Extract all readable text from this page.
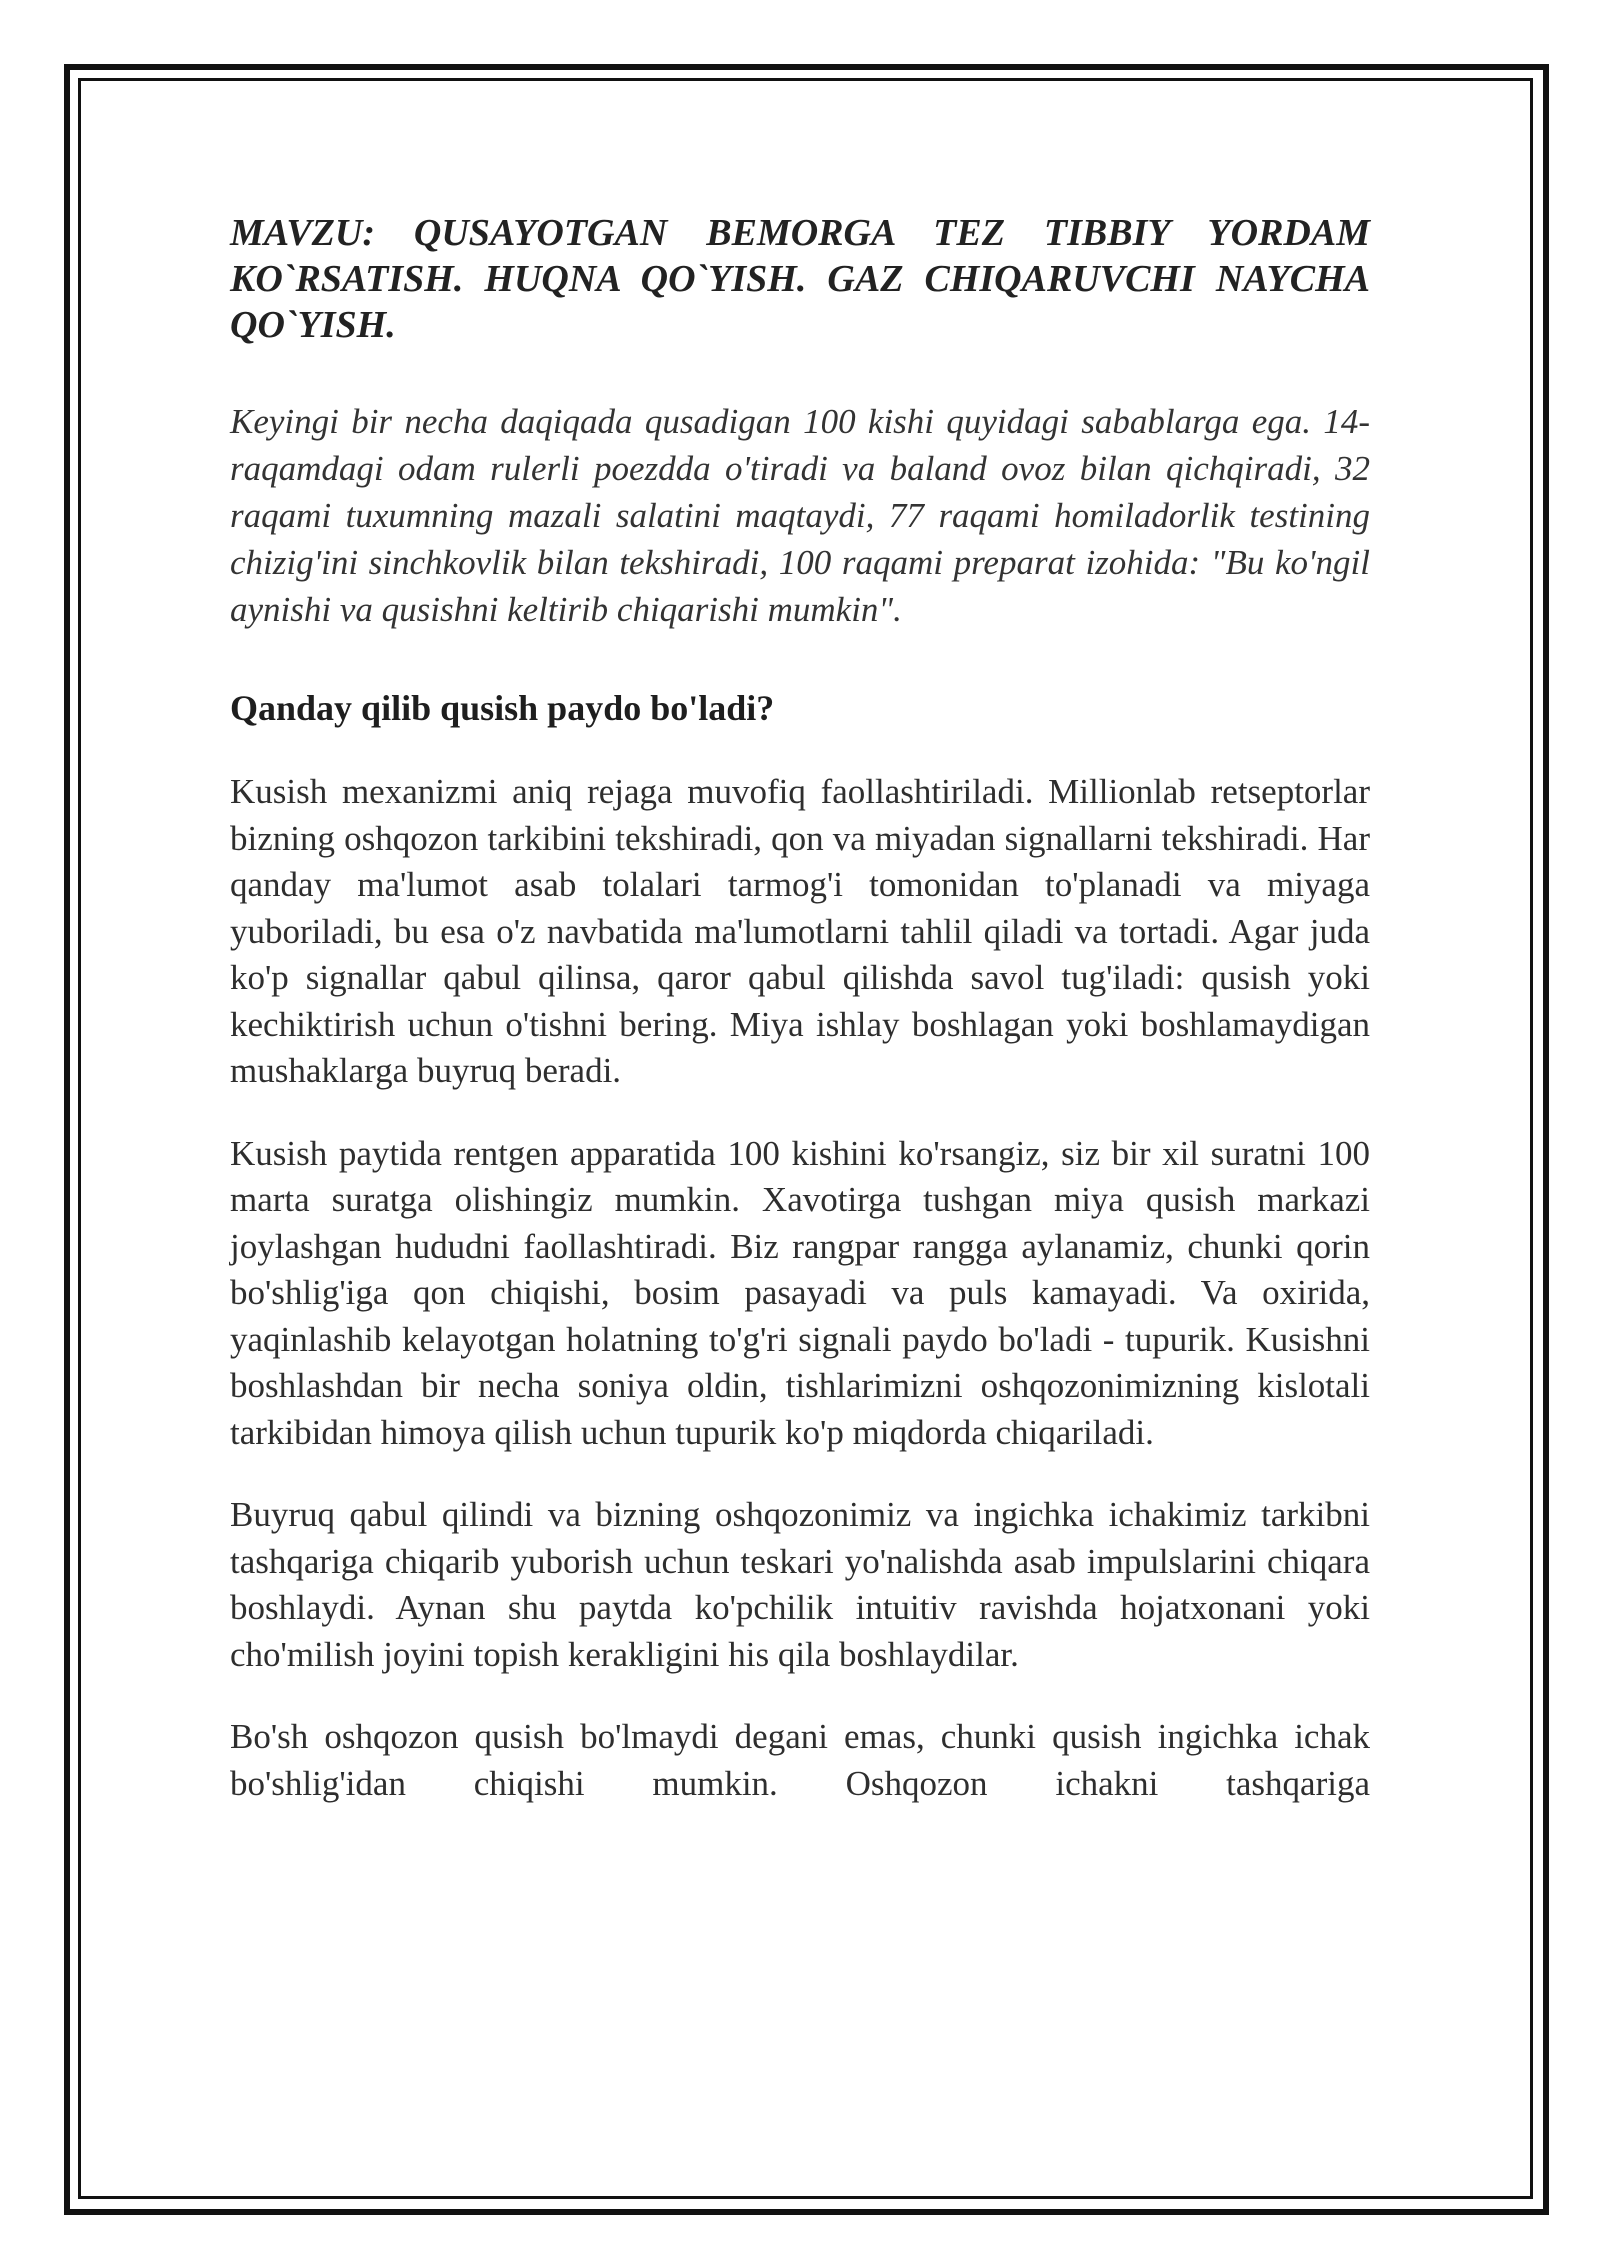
MAVZU: QUSAYOTGAN BEMORGA TEZ TIBBIY YORDAM KO`RSATISH. HUQNA QO`YISH. GAZ CHIQARUVCHI NAYCHA QO`YISH.

Keyingi bir necha daqiqada qusadigan 100 kishi quyidagi sabablarga ega. 14-raqamdagi odam rulerli poezdda o'tiradi va baland ovoz bilan qichqiradi, 32 raqami tuxumning mazali salatini maqtaydi, 77 raqami homiladorlik testining chizig'ini sinchkovlik bilan tekshiradi, 100 raqami preparat izohida: "Bu ko'ngil aynishi va qusishni keltirib chiqarishi mumkin".

Qanday qilib qusish paydo bo'ladi?

Kusish mexanizmi aniq rejaga muvofiq faollashtiriladi. Millionlab retseptorlar bizning oshqozon tarkibini tekshiradi, qon va miyadan signallarni tekshiradi. Har qanday ma'lumot asab tolalari tarmog'i tomonidan to'planadi va miyaga yuboriladi, bu esa o'z navbatida ma'lumotlarni tahlil qiladi va tortadi. Agar juda ko'p signallar qabul qilinsa, qaror qabul qilishda savol tug'iladi: qusish yoki kechiktirish uchun o'tishni bering. Miya ishlay boshlagan yoki boshlamaydigan mushaklarga buyruq beradi.

Kusish paytida rentgen apparatida 100 kishini ko'rsangiz, siz bir xil suratni 100 marta suratga olishingiz mumkin. Xavotirga tushgan miya qusish markazi joylashgan hududni faollashtiradi. Biz rangpar rangga aylanamiz, chunki qorin bo'shlig'iga qon chiqishi, bosim pasayadi va puls kamayadi. Va oxirida, yaqinlashib kelayotgan holatning to'g'ri signali paydo bo'ladi - tupurik. Kusishni boshlashdan bir necha soniya oldin, tishlarimizni oshqozonimizning kislotali tarkibidan himoya qilish uchun tupurik ko'p miqdorda chiqariladi.

Buyruq qabul qilindi va bizning oshqozonimiz va ingichka ichakimiz tarkibni tashqariga chiqarib yuborish uchun teskari yo'nalishda asab impulslarini chiqara boshlaydi. Aynan shu paytda ko'pchilik intuitiv ravishda hojatxonani yoki cho'milish joyini topish kerakligini his qila boshlaydilar.

Bo'sh oshqozon qusish bo'lmaydi degani emas, chunki qusish ingichka ichak bo'shlig'idan chiqishi mumkin. Oshqozon ichakni tashqariga
